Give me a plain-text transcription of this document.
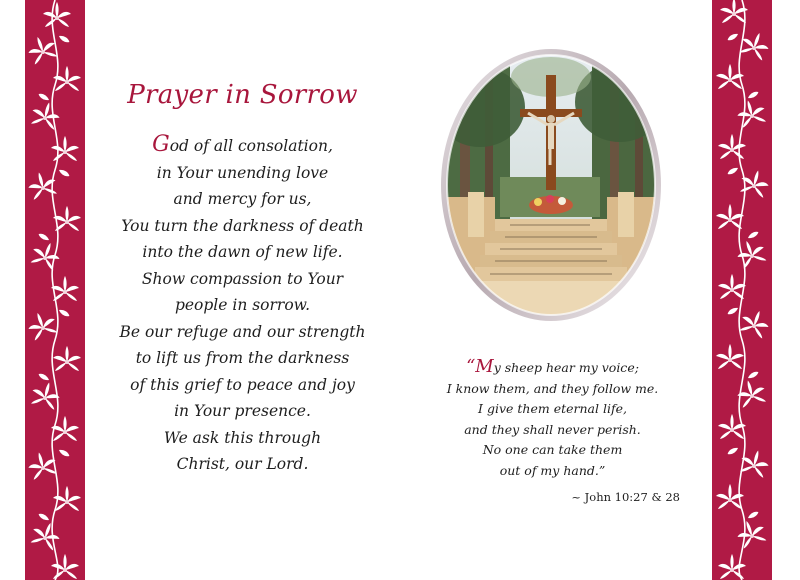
Prayer in Sorrow
God of all consolation,
in Your unending love
and mercy for us,
You turn the darkness of death
into the dawn of new life.
Show compassion to Your
people in sorrow.
Be our refuge and our strength
to lift us from the darkness
of this grief to peace and joy
in Your presence.
We ask this through
Christ, our Lord.
“My sheep hear my voice;
I know them, and they follow me.
I give them eternal life,
and they shall never perish.
No one can take them
out of my hand.”
~ John 10:27 & 28
